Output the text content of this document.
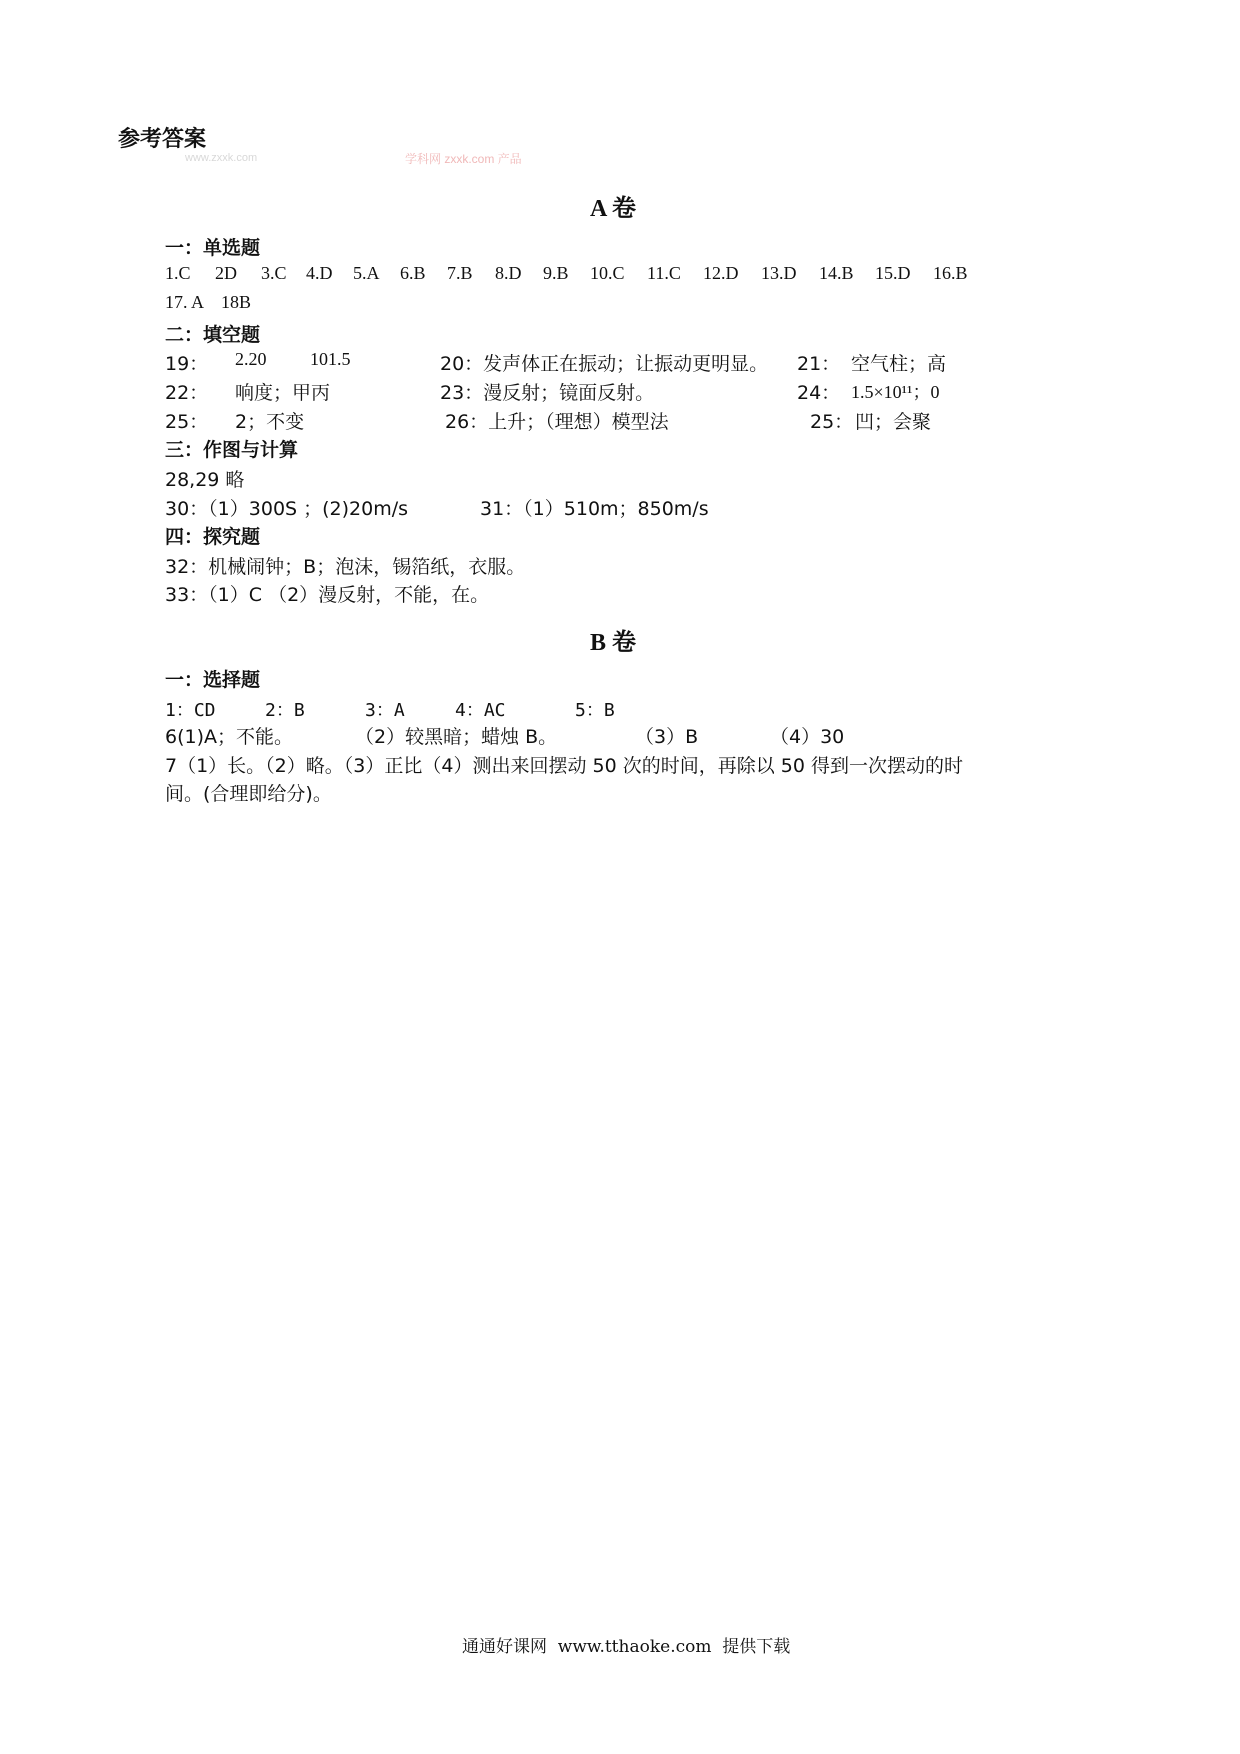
参考答案
www.zxxk.com	学科网 zxxk.com 产品
A 卷
一：单选题
1.C 2D 3.C 4.D 5.A 6.B 7.B 8.D 9.B 10.C 11.C 12.D 13.D 14.B 15.D 16.B
17. A    18B
二：填空题
19： 2.20 101.5	20：发声体正在振动；让振动更明显。 21： 空气柱；高
22： 响度；甲丙	23：漫反射；镜面反射。	24： 1.5×10¹¹；0
25： 2；不变	26：上升；（理想）模型法	25： 凹；会聚
三：作图与计算
28,29 略
30：（1）300S ；(2)20m/s	31：（1）510m；850m/s
四：探究题
32：机械闹钟；B；泡沫，锡箔纸，衣服。
33：（1）C （2）漫反射，不能，在。
B 卷
一：选择题
1：CD	2：B	3：A	4：AC	5：B
6(1)A；不能。	（2）较黑暗；蜡烛 B。	（3）B	（4）30
7（1）长。（2）略。（3）正比（4）测出来回摆动 50 次的时间，再除以 50 得到一次摆动的时
间。(合理即给分)。
通通好课网  www.tthaoke.com  提供下载
